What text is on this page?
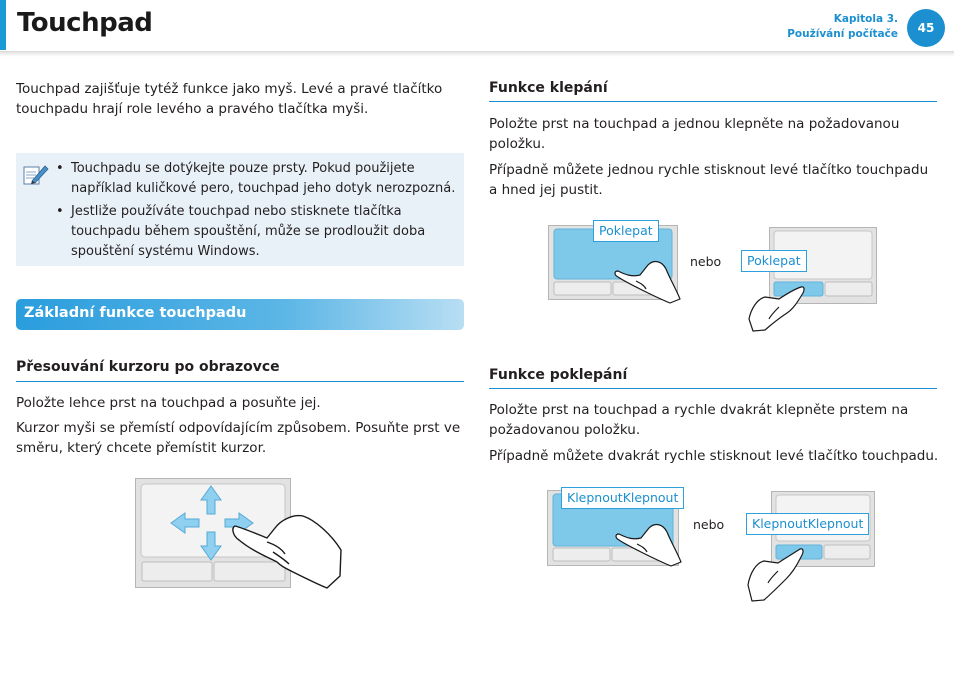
Touchpad	Kapitola 3.
Používání počítače	45
Touchpad zajišťuje tytéž funkce jako myš. Levé a pravé tlačítko
touchpadu hrají role levého a pravého tlačítka myši.
• Touchpadu se dotýkejte pouze prsty. Pokud použijete
například kuličkové pero, touchpad jeho dotyk nerozpozná.
• Jestliže používáte touchpad nebo stisknete tlačítka
touchpadu během spouštění, může se prodloužit doba
spouštění systému Windows.
Základní funkce touchpadu
Přesouvání kurzoru po obrazovce
Položte lehce prst na touchpad a posuňte jej.
Kurzor myši se přemístí odpovídajícím způsobem. Posuňte prst ve
směru, který chcete přemístit kurzor.
Funkce klepání
Položte prst na touchpad a jednou klepněte na požadovanou
položku.
Případně můžete jednou rychle stisknout levé tlačítko touchpadu
a hned jej pustit.
Poklepat
nebo	Poklepat
Funkce poklepání
Položte prst na touchpad a rychle dvakrát klepněte prstem na
požadovanou položku.
Případně můžete dvakrát rychle stisknout levé tlačítko touchpadu.
KlepnoutKlepnout
nebo	KlepnoutKlepnout
